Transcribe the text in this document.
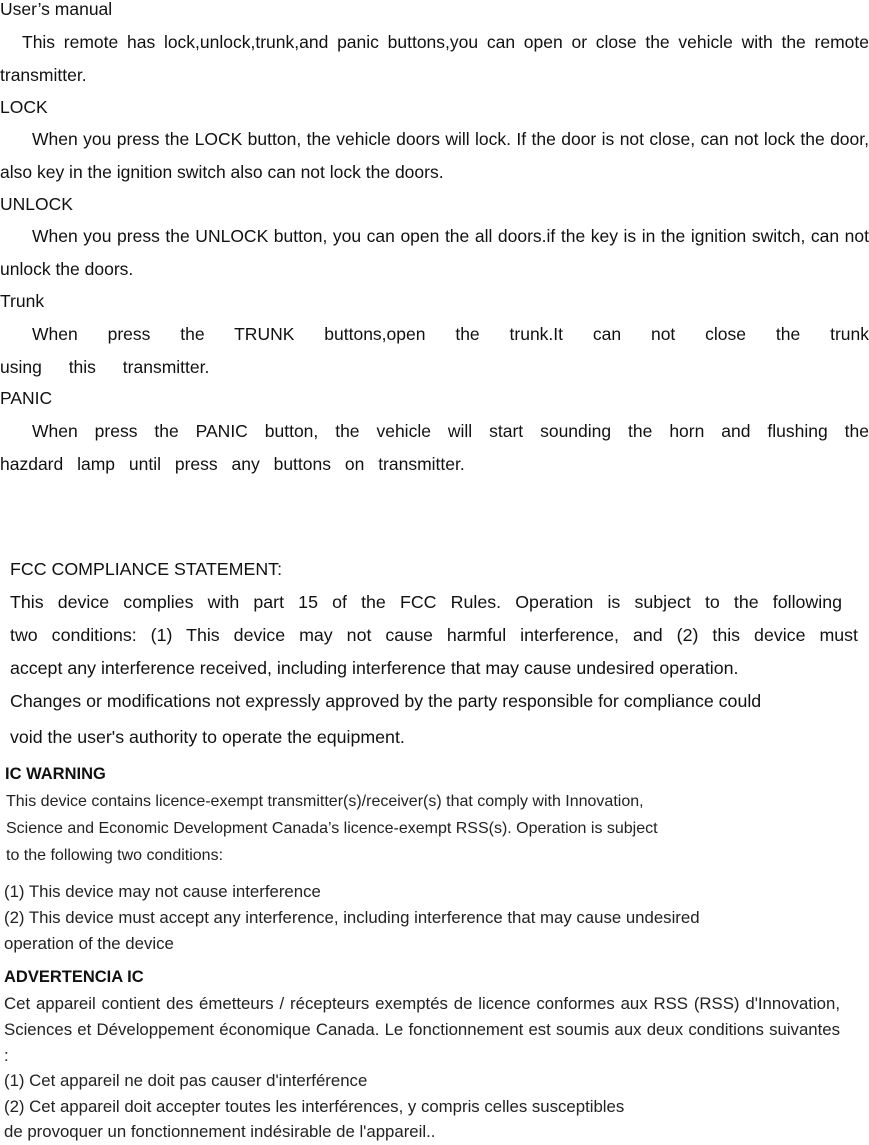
User’s manual
This remote has lock,unlock,trunk,and panic buttons,you can open or close the vehicle with the remote transmitter.
LOCK
When you press the LOCK button, the vehicle doors will lock. If the door is not close, can not lock the door, also key in the ignition switch also can not lock the doors.
UNLOCK
When you press the UNLOCK button, you can open the all doors.if the key is in the ignition switch, can not unlock the doors.
Trunk
When press the TRUNK buttons,open the trunk.It can not close the trunk using this transmitter.
PANIC
When press the PANIC button, the vehicle will start sounding the horn and flushing the hazdard lamp until press any buttons on transmitter.
FCC COMPLIANCE STATEMENT:
This device complies with part 15 of the FCC Rules. Operation is subject to the following
two conditions: (1) This device may not cause harmful interference, and (2) this device must
accept any interference received, including interference that may cause undesired operation.
Changes or modifications not expressly approved by the party responsible for compliance could
void the user's authority to operate the equipment.
IC WARNING
This device contains licence-exempt transmitter(s)/receiver(s) that comply with Innovation,
Science and Economic Development Canada’s licence-exempt RSS(s). Operation is subject
to the following two conditions:
(1) This device may not cause interference
(2) This device must accept any interference, including interference that may cause undesired
operation of the device
ADVERTENCIA IC
Cet appareil contient des émetteurs / récepteurs exemptés de licence conformes aux RSS (RSS) d'Innovation, Sciences et Développement économique Canada. Le fonctionnement est soumis aux deux conditions suivantes :
(1) Cet appareil ne doit pas causer d'interférence
(2) Cet appareil doit accepter toutes les interférences, y compris celles susceptibles
de provoquer un fonctionnement indésirable de l'appareil..
